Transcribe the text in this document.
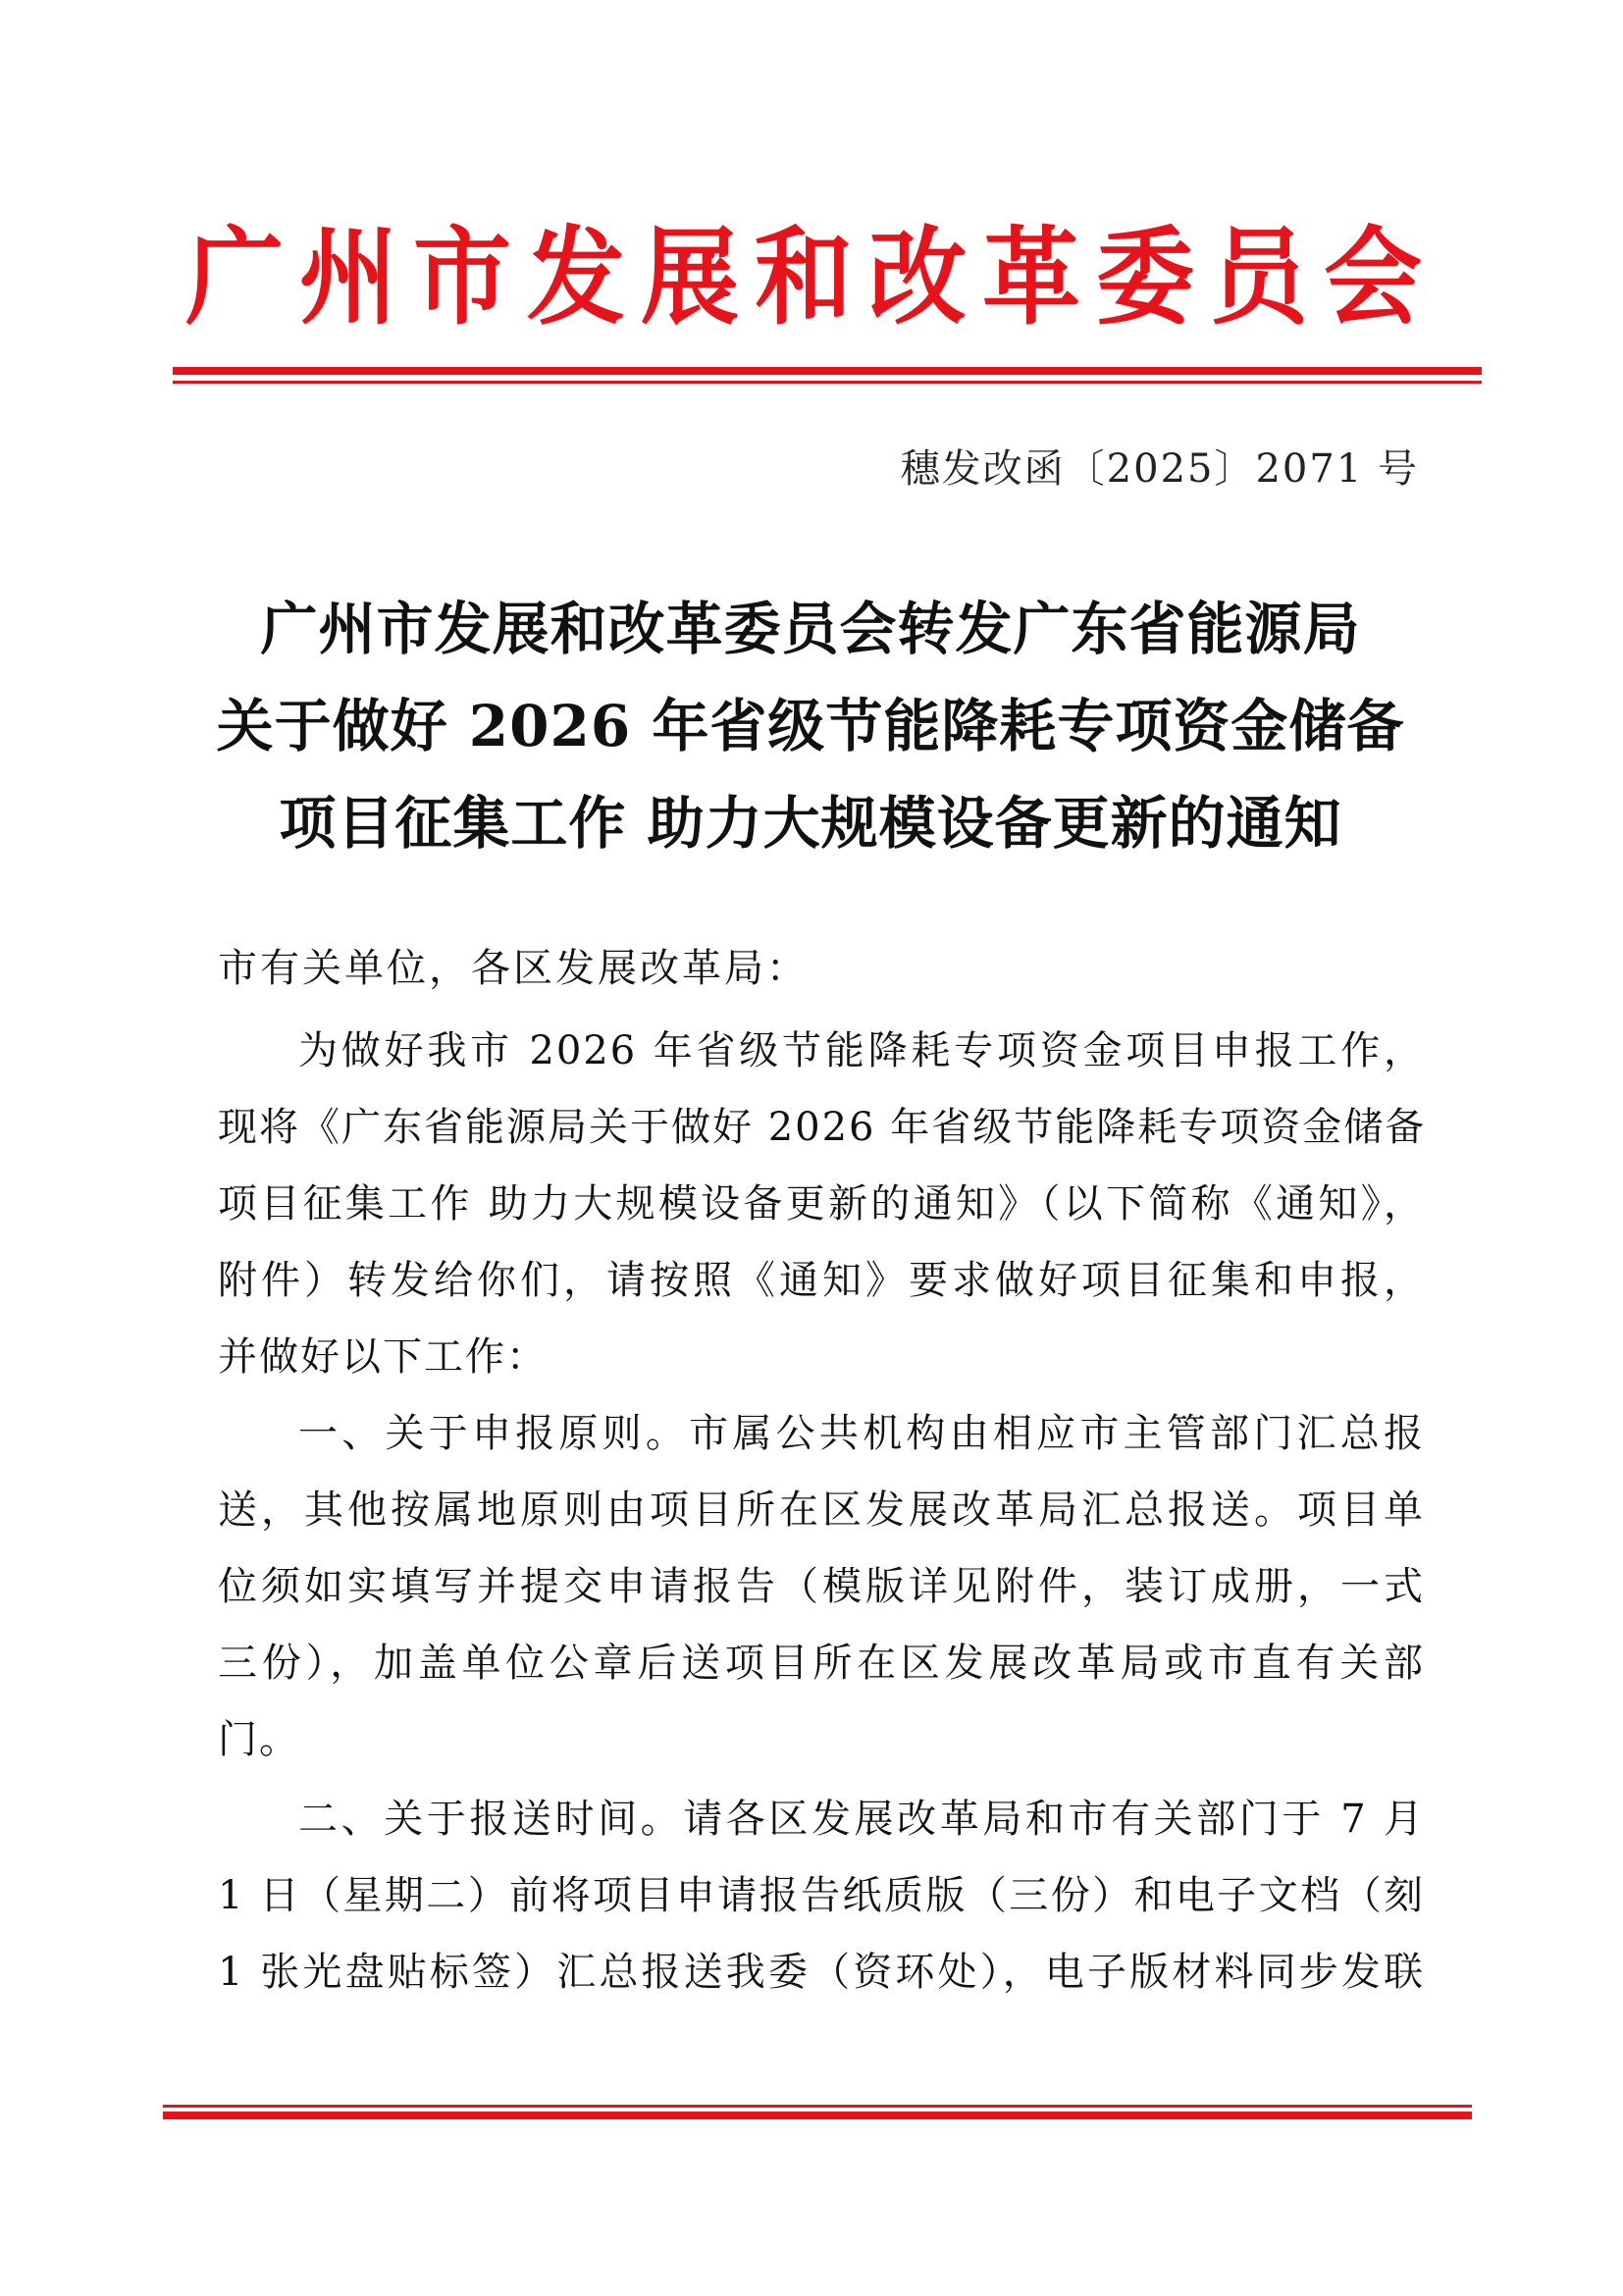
广州市发展和改革委员会
穗发改函〔2025〕2071 号
广州市发展和改革委员会转发广东省能源局
关于做好 2026 年省级节能降耗专项资金储备
项目征集工作 助力大规模设备更新的通知
市有关单位，各区发展改革局：
为做好我市 2026 年省级节能降耗专项资金项目申报工作，
现将《广东省能源局关于做好 2026 年省级节能降耗专项资金储备
项目征集工作 助力大规模设备更新的通知》（以下简称《通知》，
附件）转发给你们，请按照《通知》要求做好项目征集和申报，
并做好以下工作：
一、关于申报原则。市属公共机构由相应市主管部门汇总报
送，其他按属地原则由项目所在区发展改革局汇总报送。项目单
位须如实填写并提交申请报告（模版详见附件，装订成册，一式
三份），加盖单位公章后送项目所在区发展改革局或市直有关部
门。
二、关于报送时间。请各区发展改革局和市有关部门于 7 月
1 日（星期二）前将项目申请报告纸质版（三份）和电子文档（刻
1 张光盘贴标签）汇总报送我委（资环处），电子版材料同步发联
